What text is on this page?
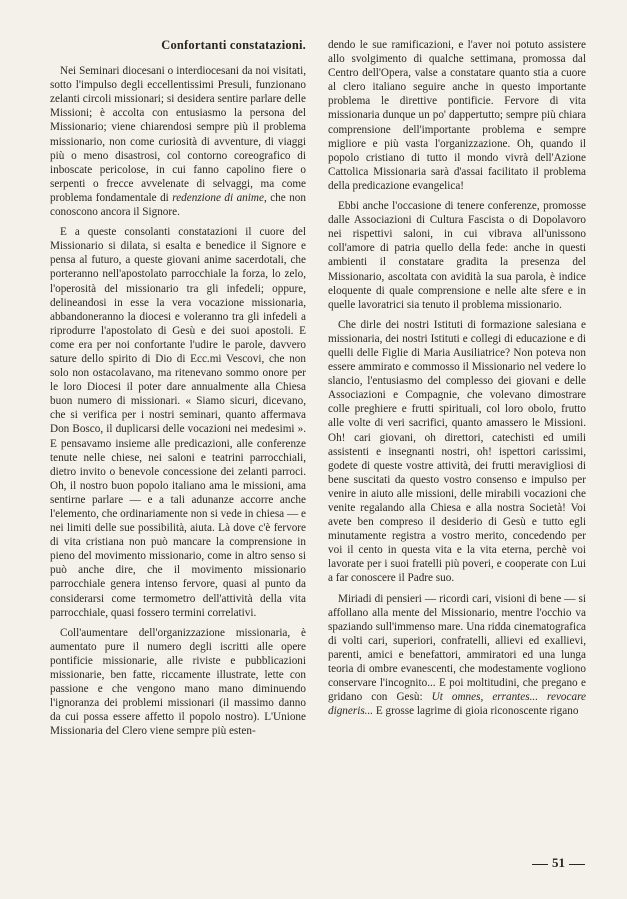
Confortanti constatazioni.

Nei Seminari diocesani o interdiocesani da noi visitati, sotto l'impulso degli eccellentissimi Presuli, funzionano zelanti circoli missionari; si desidera sentire parlare delle Missioni; è accolta con entusiasmo la persona del Missionario; viene chiarendosi sempre più il problema missionario, non come curiosità di avventure, di viaggi più o meno disastrosi, col contorno coreografico di inboscate pericolose, in cui fanno capolino fiere o serpenti o frecce avvelenate di selvaggi, ma come problema fondamentale di redenzione di anime, che non conoscono ancora il Signore.

E a queste consolanti constatazioni il cuore del Missionario si dilata, si esalta e benedice il Signore e pensa al futuro, a queste giovani anime sacerdotali, che porteranno nell'apostolato parrocchiale la forza, lo zelo, l'operosità del missionario tra gli infedeli; oppure, delineandosi in esse la vera vocazione missionaria, abbandoneranno la diocesi e voleranno tra gli infedeli a riprodurre l'apostolato di Gesù e dei suoi apostoli. E come era per noi confortante l'udire le parole, davvero sature dello spirito di Dio di Ecc.mi Vescovi, che non solo non ostacolavano, ma ritenevano sommo onore per le loro Diocesi il poter dare annualmente alla Chiesa buon numero di missionari. « Siamo sicuri, dicevano, che si verifica per i nostri seminari, quanto affermava Don Bosco, il duplicarsi delle vocazioni nei medesimi ». E pensavamo insieme alle predicazioni, alle conferenze tenute nelle chiese, nei saloni e teatrini parrocchiali, dietro invito o benevole concessione dei zelanti parroci. Oh, il nostro buon popolo italiano ama le missioni, ama sentirne parlare — e a tali adunanze accorre anche l'elemento, che ordinariamente non si vede in chiesa — e nei limiti delle sue possibilità, aiuta. Là dove c'è fervore di vita cristiana non può mancare la comprensione in pieno del movimento missionario, come in altro senso si può anche dire, che il movimento missionario parrocchiale genera intenso fervore, quasi al punto da considerarsi come termometro dell'attività della vita parrocchiale, quasi fossero termini correlativi.

Coll'aumentare dell'organizzazione missionaria, è aumentato pure il numero degli iscritti alle opere pontificie missionarie, alle riviste e pubblicazioni missionarie, ben fatte, riccamente illustrate, lette con passione e che vengono mano mano diminuendo l'ignoranza dei problemi missionari (il massimo danno da cui possa essere affetto il popolo nostro). L'Unione Missionaria del Clero viene sempre più esten-

dendo le sue ramificazioni, e l'aver noi potuto assistere allo svolgimento di qualche settimana, promossa dal Centro dell'Opera, valse a constatare quanto stia a cuore al clero italiano seguire anche in questo importante problema le direttive pontificie. Fervore di vita missionaria dunque un po' dappertutto; sempre più chiara comprensione dell'importante problema e sempre migliore e più vasta l'organizzazione. Oh, quando il popolo cristiano di tutto il mondo vivrà dell'Azione Cattolica Missionaria sarà d'assai facilitato il problema della predicazione evangelica!

Ebbi anche l'occasione di tenere conferenze, promosse dalle Associazioni di Cultura Fascista o di Dopolavoro nei rispettivi saloni, in cui vibrava all'unissono coll'amore di patria quello della fede: anche in questi ambienti il constatare gradita la presenza del Missionario, ascoltata con avidità la sua parola, è indice eloquente di quale comprensione e nelle alte sfere e in quelle lavoratrici sia tenuto il problema missionario.

Che dirle dei nostri Istituti di formazione salesiana e missionaria, dei nostri Istituti e collegi di educazione e di quelli delle Figlie di Maria Ausiliatrice? Non poteva non essere ammirato e commosso il Missionario nel vedere lo slancio, l'entusiasmo del complesso dei giovani e delle Associazioni e Compagnie, che volevano dimostrare colle preghiere e frutti spirituali, col loro obolo, frutto alle volte di veri sacrifici, quanto amassero le Missioni. Oh! cari giovani, oh direttori, catechisti ed umili assistenti e insegnanti nostri, oh! ispettori carissimi, godete di queste vostre attività, dei frutti meravigliosi di bene suscitati da questo vostro consenso e impulso per venire in aiuto alle missioni, delle mirabili vocazioni che venite regalando alla Chiesa e alla nostra Società! Voi avete ben compreso il desiderio di Gesù e tutto egli minutamente registra a vostro merito, concedendo per voi il cento in questa vita e la vita eterna, perchè voi lavorate per i suoi fratelli più poveri, e cooperate con Lui a far conoscere il Padre suo.

Miriadi di pensieri — ricordi cari, visioni di bene — si affollano alla mente del Missionario, mentre l'occhio va spaziando sull'immenso mare. Una ridda cinematografica di volti cari, superiori, confratelli, allievi ed exallievi, parenti, amici e benefattori, ammiratori ed una lunga teoria di ombre evanescenti, che modestamente vogliono conservare l'incognito... E poi moltitudini, che pregano e gridano con Gesù: Ut omnes, errantes... revocare digneris... E grosse lagrime di gioia riconoscente rigano

51
